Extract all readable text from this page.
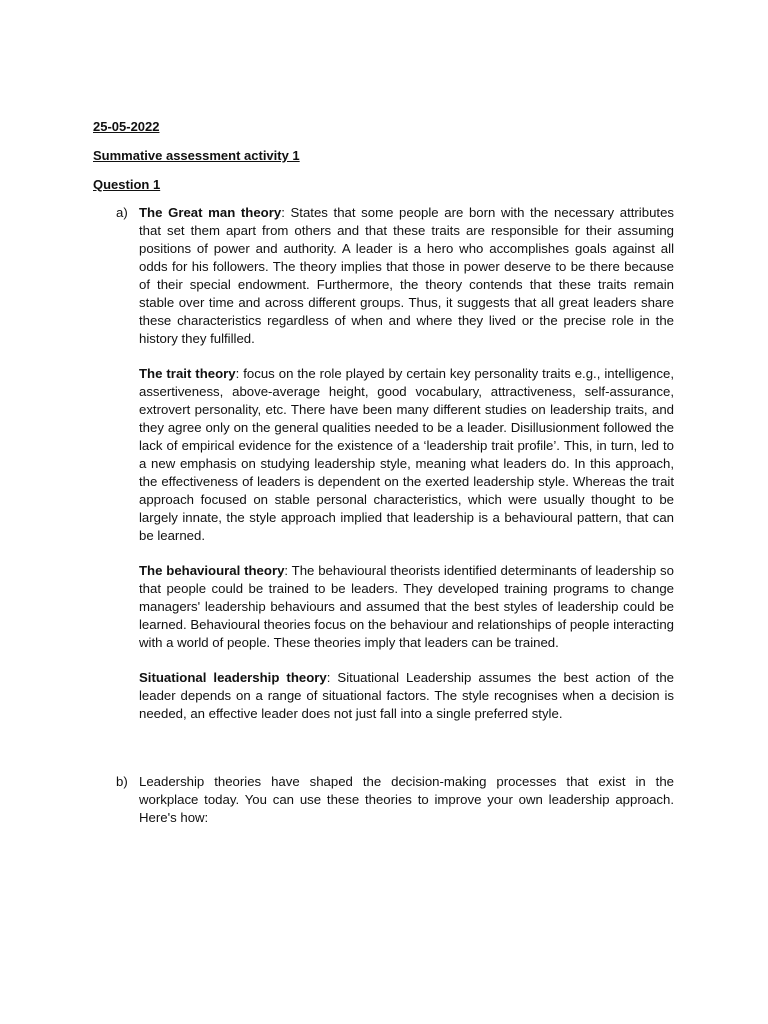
25-05-2022
Summative assessment activity 1
Question 1
a) The Great man theory: States that some people are born with the necessary attributes that set them apart from others and that these traits are responsible for their assuming positions of power and authority. A leader is a hero who accomplishes goals against all odds for his followers. The theory implies that those in power deserve to be there because of their special endowment. Furthermore, the theory contends that these traits remain stable over time and across different groups. Thus, it suggests that all great leaders share these characteristics regardless of when and where they lived or the precise role in the history they fulfilled.

The trait theory: focus on the role played by certain key personality traits e.g., intelligence, assertiveness, above-average height, good vocabulary, attractiveness, self-assurance, extrovert personality, etc. There have been many different studies on leadership traits, and they agree only on the general qualities needed to be a leader. Disillusionment followed the lack of empirical evidence for the existence of a ‘leadership trait profile’. This, in turn, led to a new emphasis on studying leadership style, meaning what leaders do. In this approach, the effectiveness of leaders is dependent on the exerted leadership style. Whereas the trait approach focused on stable personal characteristics, which were usually thought to be largely innate, the style approach implied that leadership is a behavioural pattern, that can be learned.

The behavioural theory: The behavioural theorists identified determinants of leadership so that people could be trained to be leaders. They developed training programs to change managers' leadership behaviours and assumed that the best styles of leadership could be learned. Behavioural theories focus on the behaviour and relationships of people interacting with a world of people. These theories imply that leaders can be trained.

Situational leadership theory: Situational Leadership assumes the best action of the leader depends on a range of situational factors. The style recognises when a decision is needed, an effective leader does not just fall into a single preferred style.

b) Leadership theories have shaped the decision-making processes that exist in the workplace today. You can use these theories to improve your own leadership approach. Here's how:
